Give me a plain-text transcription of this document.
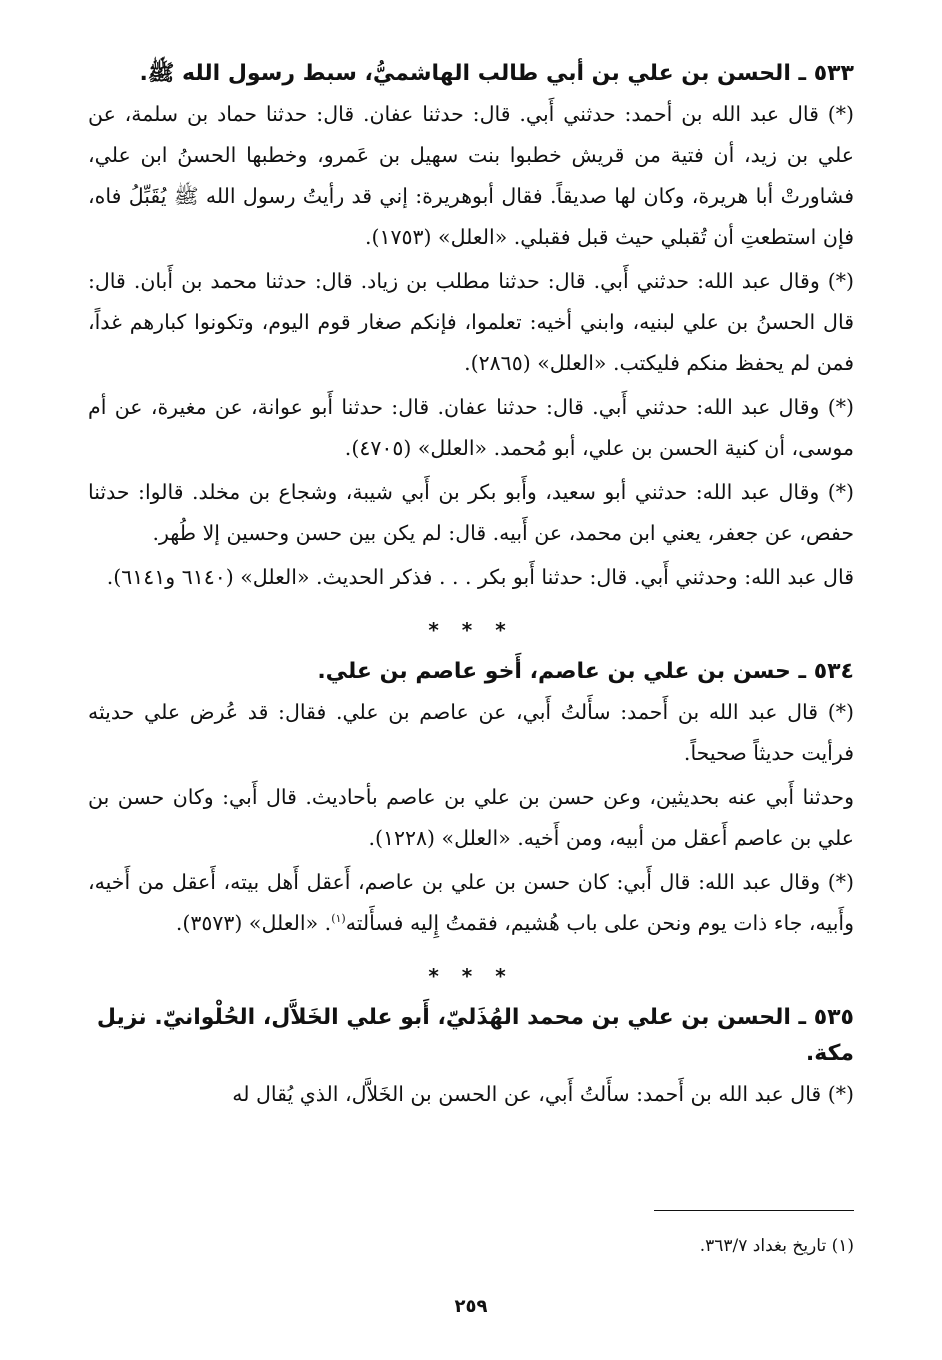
٥٣٣ ـ الحسن بن علي بن أبي طالب الهاشميُّ، سبط رسول الله ﷺ.

(*) قال عبد الله بن أحمد: حدثني أَبي. قال: حدثنا عفان. قال: حدثنا حماد بن سلمة، عن علي بن زيد، أن فتية من قريش خطبوا بنت سهيل بن عَمرو، وخطبها الحسنُ ابن علي، فشاورتْ أبا هريرة، وكان لها صديقاً. فقال أبوهريرة: إني قد رأيتُ رسول الله ﷺ يُقَبِّلُ فاه، فإن استطعتِ أن تُقبلي حيث قبل فقبلي. «العلل» (١٧٥٣).

(*) وقال عبد الله: حدثني أَبي. قال: حدثنا مطلب بن زياد. قال: حدثنا محمد بن أَبان. قال: قال الحسنُ بن علي لبنيه، وابني أخيه: تعلموا، فإنكم صغار قوم اليوم، وتكونوا كبارهم غداً، فمن لم يحفظ منكم فليكتب. «العلل» (٢٨٦٥).

(*) وقال عبد الله: حدثني أَبي. قال: حدثنا عفان. قال: حدثنا أَبو عوانة، عن مغيرة، عن أم موسى، أن كنية الحسن بن علي، أبو مُحمد. «العلل» (٤٧٠٥).

(*) وقال عبد الله: حدثني أبو سعيد، وأَبو بكر بن أَبي شيبة، وشجاع بن مخلد. قالوا: حدثنا حفص، عن جعفر، يعني ابن محمد، عن أَبيه. قال: لم يكن بين حسن وحسين إلا طُهر.

قال عبد الله: وحدثني أَبي. قال: حدثنا أَبو بكر . . . فذكر الحديث. «العلل» (٦١٤٠ و٦١٤١).

* * *
٥٣٤ ـ حسن بن علي بن عاصم، أَخو عاصم بن علي.

(*) قال عبد الله بن أَحمد: سأَلتُ أَبي، عن عاصم بن علي. فقال: قد عُرض علي حديثه فرأيت حديثاً صحيحاً.

وحدثنا أَبي عنه بحديثين، وعن حسن بن علي بن عاصم بأحاديث. قال أَبي: وكان حسن بن علي بن عاصم أَعقل من أبيه، ومن أَخيه. «العلل» (١٢٢٨).

(*) وقال عبد الله: قال أَبي: كان حسن بن علي بن عاصم، أَعقل أَهل بيته، أَعقل من أَخيه، وأَبيه، جاء ذات يوم ونحن على باب هُشيم، فقمتُ إِليه فسأَلته$^{(١)}$. «العلل» (٣٥٧٣).

* * *
٥٣٥ ـ الحسن بن علي بن محمد الهُذَليّ، أَبو علي الخَلاَّل، الحُلْوانيّ. نزيل مكة.

(*) قال عبد الله بن أَحمد: سأَلتُ أَبي، عن الحسن بن الخَلاَّل، الذي يُقال له

(١) تاريخ بغداد ٣٦٣/٧.
٢٥٩
